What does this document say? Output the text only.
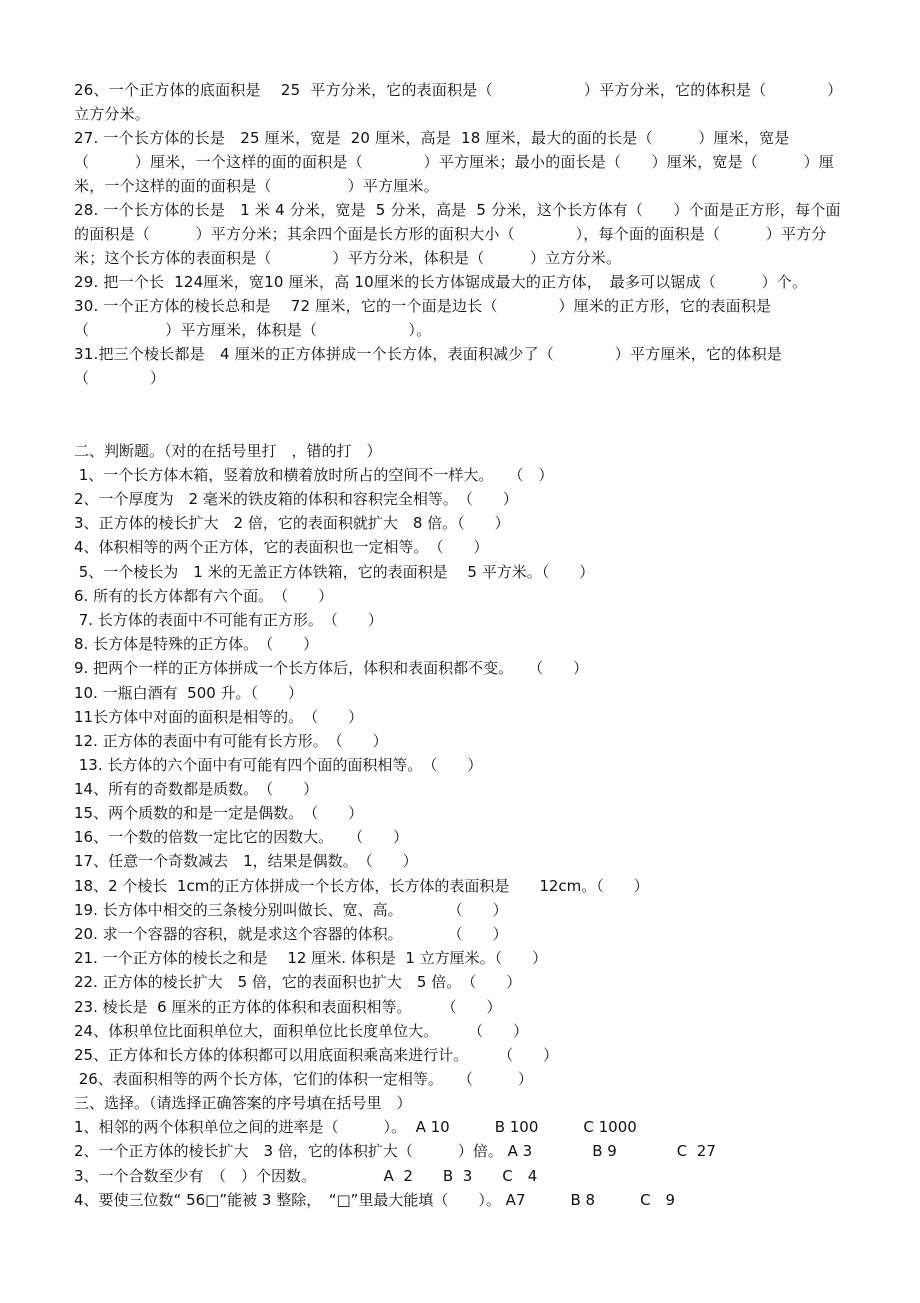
26、一个正方体的底面积是　 25  平方分米，它的表面积是（　　　　　　）平方分米，它的体积是（　　　　） 立方分米。

27. 一个长方体的长是　25 厘米，宽是  20 厘米，高是  18 厘米，最大的面的长是（　　　）厘米，宽是（　　　）厘米，一个这样的面的面积是（　　　　）平方厘米；最小的面长是（　　）厘米，宽是（　　　）厘米，一个这样的面的面积是（　　　　　）平方厘米。

28. 一个长方体的长是　1 米 4 分米，宽是  5 分米，高是  5 分米，这个长方体有（　　）个面是正方形，每个面的面积是（　　　）平方分米；其余四个面是长方形的面积大小（　　　　），每个面的面积是（　　　）平方分米；这个长方体的表面积是（　　　　）平方分米，体积是（　　　）立方分米。

29. 把一个长  124厘米，宽10 厘米，高 10厘米的长方体锯成最大的正方体，　最多可以锯成（　　　）个。

30. 一个正方体的棱长总和是　 72 厘米，它的一个面是边长（　　　　）厘米的正方形，它的表面积是（　　　　　）平方厘米，体积是（　　　　　　）。

31.把三个棱长都是　4 厘米的正方体拼成一个长方体，表面积减少了（　　　　）平方厘米，它的体积是（　　　　）

二、判断题。（对的在括号里打　，错的打　）

1、一个长方体木箱，竖着放和横着放时所占的空间不一样大。　　（　）

2、一个厚度为　2 毫米的铁皮箱的体积和容积完全相等。　（　　）

3、正方体的棱长扩大　2 倍，它的表面积就扩大　8 倍。（　　）

4、体积相等的两个正方体，它的表面积也一定相等。　（　　）

5、一个棱长为　1 米的无盖正方体铁箱，它的表面积是　 5 平方米。（　　）

6. 所有的长方体都有六个面。　（　　）

7. 长方体的表面中不可能有正方形。　（　　）

8. 长方体是特殊的正方体。　（　　）

9. 把两个一样的正方体拼成一个长方体后，体积和表面积都不变。　　（　　）

10. 一瓶白酒有  500 升。（　　）

11长方体中对面的面积是相等的。　（　　）

12. 正方体的表面中有可能有长方形。　（　　）

13. 长方体的六个面中有可能有四个面的面积相等。　（　　）

14、所有的奇数都是质数。　（　　）

15、两个质数的和是一定是偶数。　（　　）

16、一个数的倍数一定比它的因数大。　　（　　）

17、任意一个奇数减去　1，结果是偶数。　（　　）

18、2 个棱长  1cm的正方体拼成一个长方体，长方体的表面积是　　12cm。（　　）

19. 长方体中相交的三条棱分别叫做长、宽、高。　　　　（　　）

20. 求一个容器的容积，就是求这个容器的体积。　　　　（　　）

21. 一个正方体的棱长之和是　 12 厘米. 体积是  1 立方厘米。（　　）

22. 正方体的棱长扩大　5 倍，它的表面积也扩大　5 倍。　（　　）

23. 棱长是  6 厘米的正方体的体积和表面积相等。　　　（　　）

24、体积单位比面积单位大，面积单位比长度单位大。　　　（　　）

25、正方体和长方体的体积都可以用底面积乘高来进行计。　　　（　　）

26、表面积相等的两个长方体，它们的体积一定相等。　　（　　　）

三、选择。（请选择正确答案的序号填在括号里　）

1、相邻的两个体积单位之间的进率是（　　　）。  A 10　　　B 100　　　C 1000

2、一个正方体的棱长扩大　3 倍，它的体积扩大（　　　）倍。 A 3　　　　B 9　　　　C  27

3、一个合数至少有　（　）个因数。　　　　　A  2　　B  3　　C　4

4、要使三位数“ 56□”能被 3 整除，　“□”里最大能填（　　）。 A7　　　B 8　　　C　9
